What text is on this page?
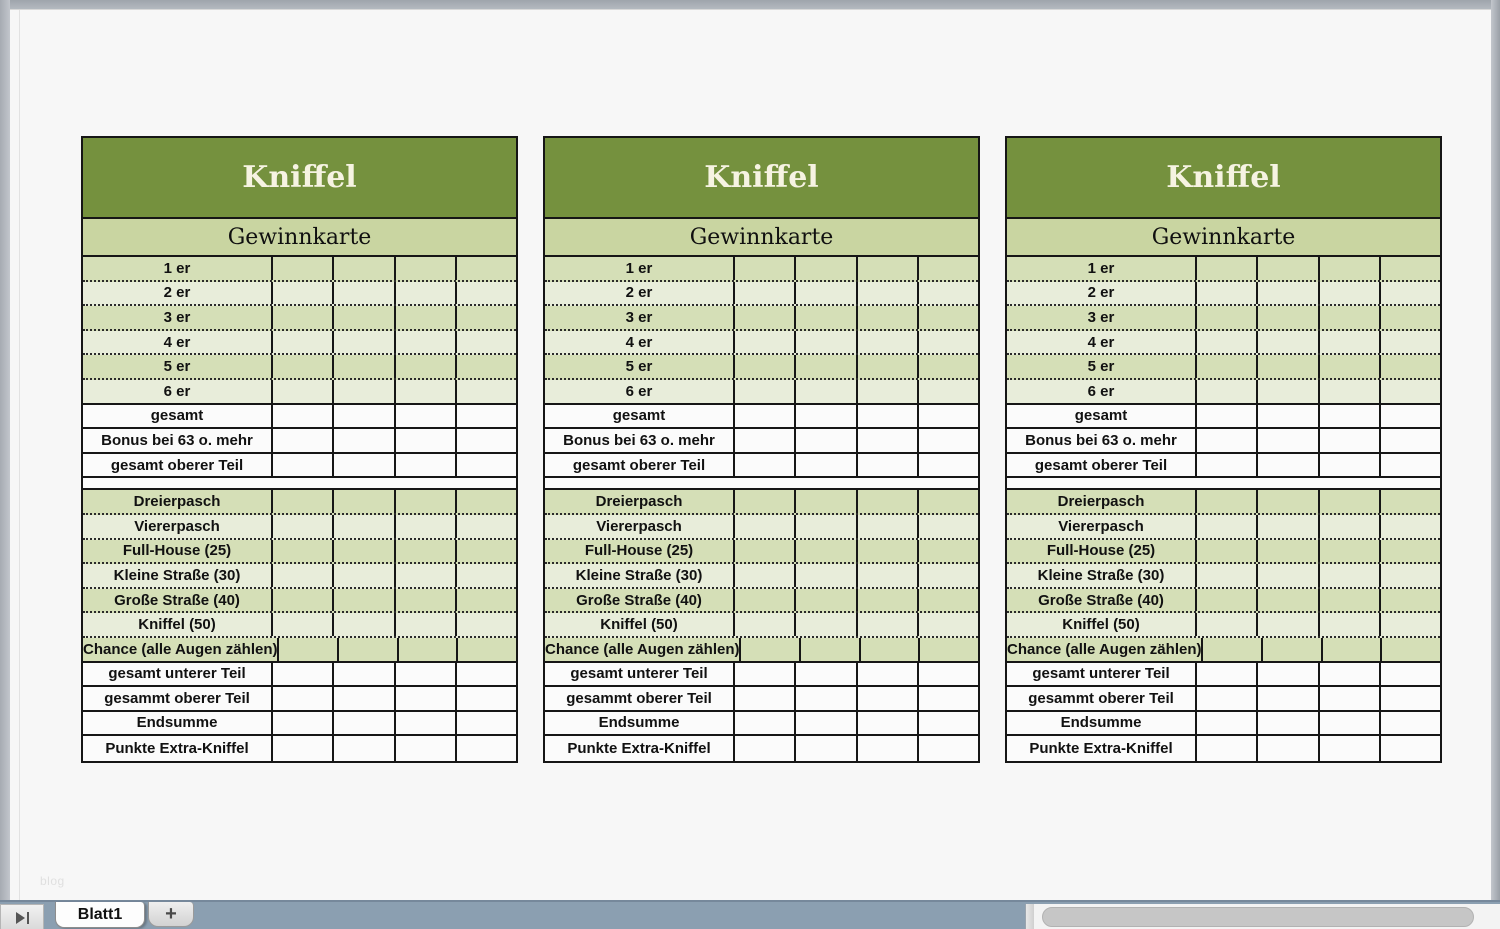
blog
Kniffel
Gewinnkarte
1 er
2 er
3 er
4 er
5 er
6 er
gesamt
Bonus bei 63 o. mehr
gesamt oberer Teil
Dreierpasch
Viererpasch
Full-House (25)
Kleine Straße (30)
Große Straße (40)
Kniffel (50)
Chance (alle Augen zählen)
gesamt unterer Teil
gesammt oberer Teil
Endsumme
Punkte Extra-Kniffel
Kniffel
Gewinnkarte
1 er
2 er
3 er
4 er
5 er
6 er
gesamt
Bonus bei 63 o. mehr
gesamt oberer Teil
Dreierpasch
Viererpasch
Full-House (25)
Kleine Straße (30)
Große Straße (40)
Kniffel (50)
Chance (alle Augen zählen)
gesamt unterer Teil
gesammt oberer Teil
Endsumme
Punkte Extra-Kniffel
Kniffel
Gewinnkarte
1 er
2 er
3 er
4 er
5 er
6 er
gesamt
Bonus bei 63 o. mehr
gesamt oberer Teil
Dreierpasch
Viererpasch
Full-House (25)
Kleine Straße (30)
Große Straße (40)
Kniffel (50)
Chance (alle Augen zählen)
gesamt unterer Teil
gesammt oberer Teil
Endsumme
Punkte Extra-Kniffel
Blatt1 +
